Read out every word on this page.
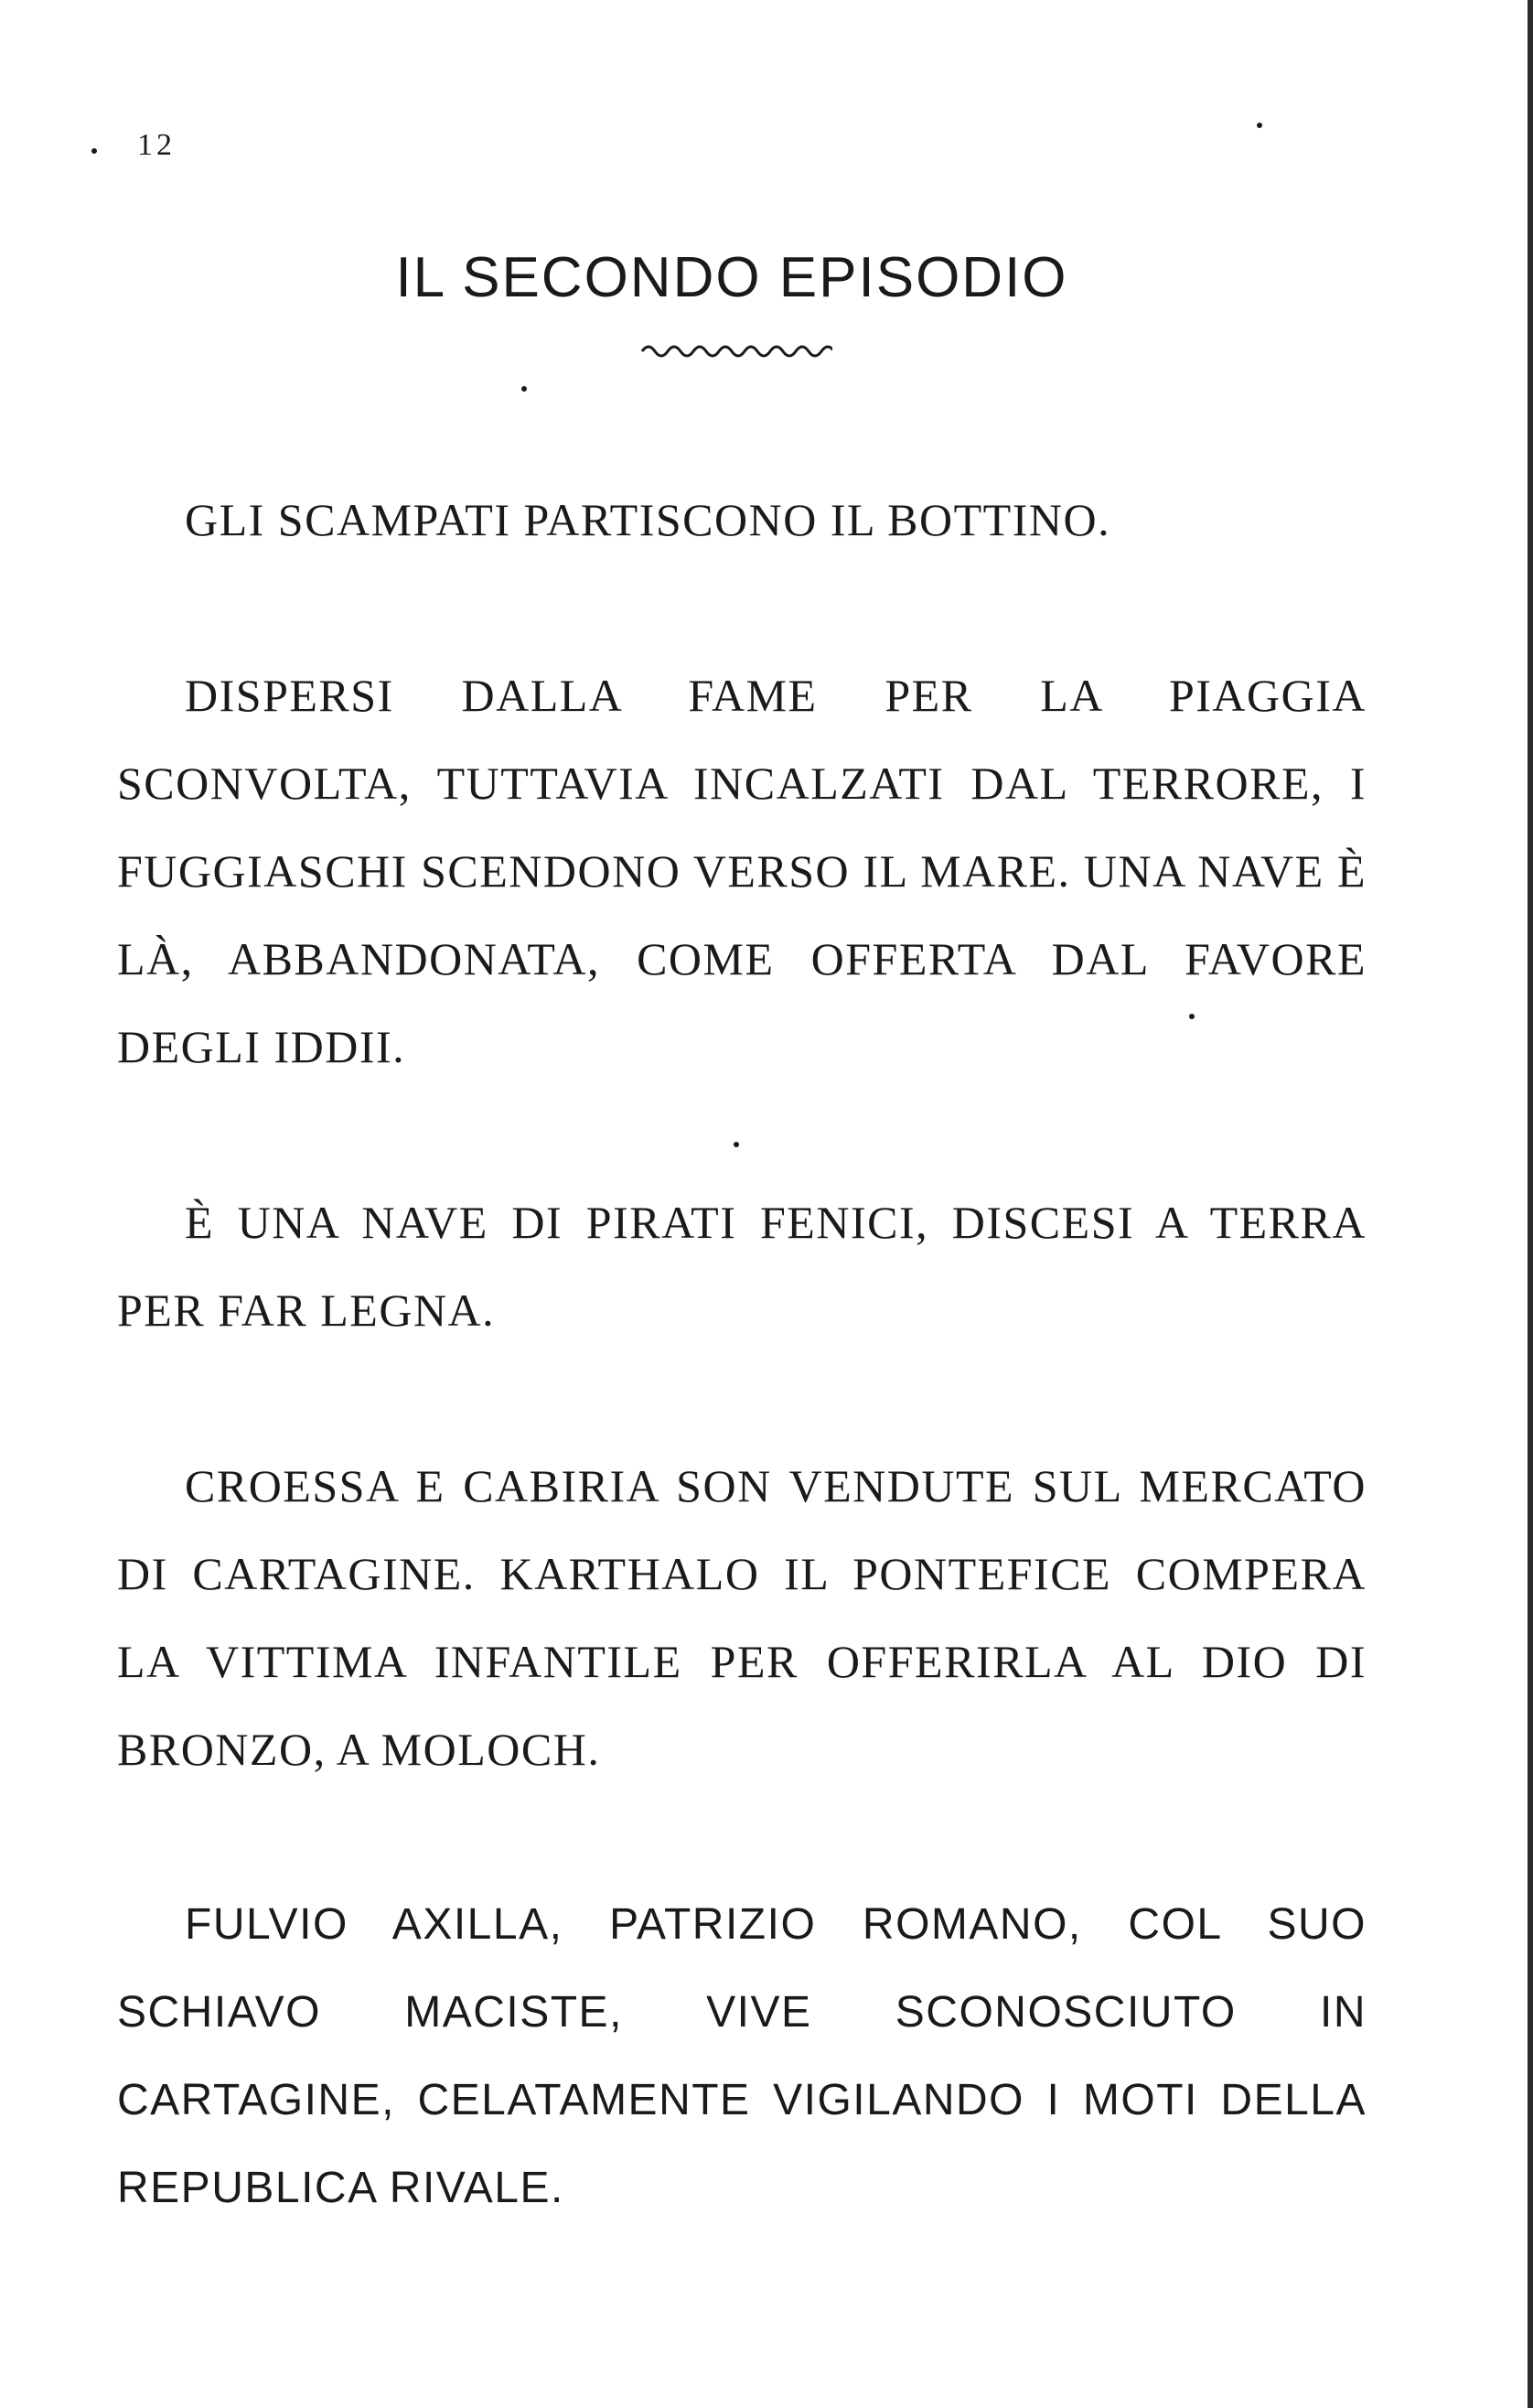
12
IL SECONDO EPISODIO

GLI SCAMPATI PARTISCONO IL BOTTINO.

DISPERSI DALLA FAME PER LA PIAGGIA SCONVOLTA, TUTTAVIA INCALZATI DAL TERRORE, I FUGGIASCHI SCENDONO VERSO IL MARE. UNA NAVE È LÀ, ABBANDONATA, COME OFFERTA DAL FAVORE DEGLI IDDII.

È UNA NAVE DI PIRATI FENICI, DISCESI A TERRA PER FAR LEGNA.

CROESSA E CABIRIA SON VENDUTE SUL MERCATO DI CARTAGINE. KARTHALO IL PONTEFICE COMPERA LA VITTIMA INFANTILE PER OFFERIRLA AL DIO DI BRONZO, A MOLOCH.

FULVIO AXILLA, PATRIZIO ROMANO, COL SUO SCHIAVO MACISTE, VIVE SCONOSCIUTO IN CARTAGINE, CELATAMENTE VIGILANDO I MOTI DELLA REPUBLICA RIVALE.
